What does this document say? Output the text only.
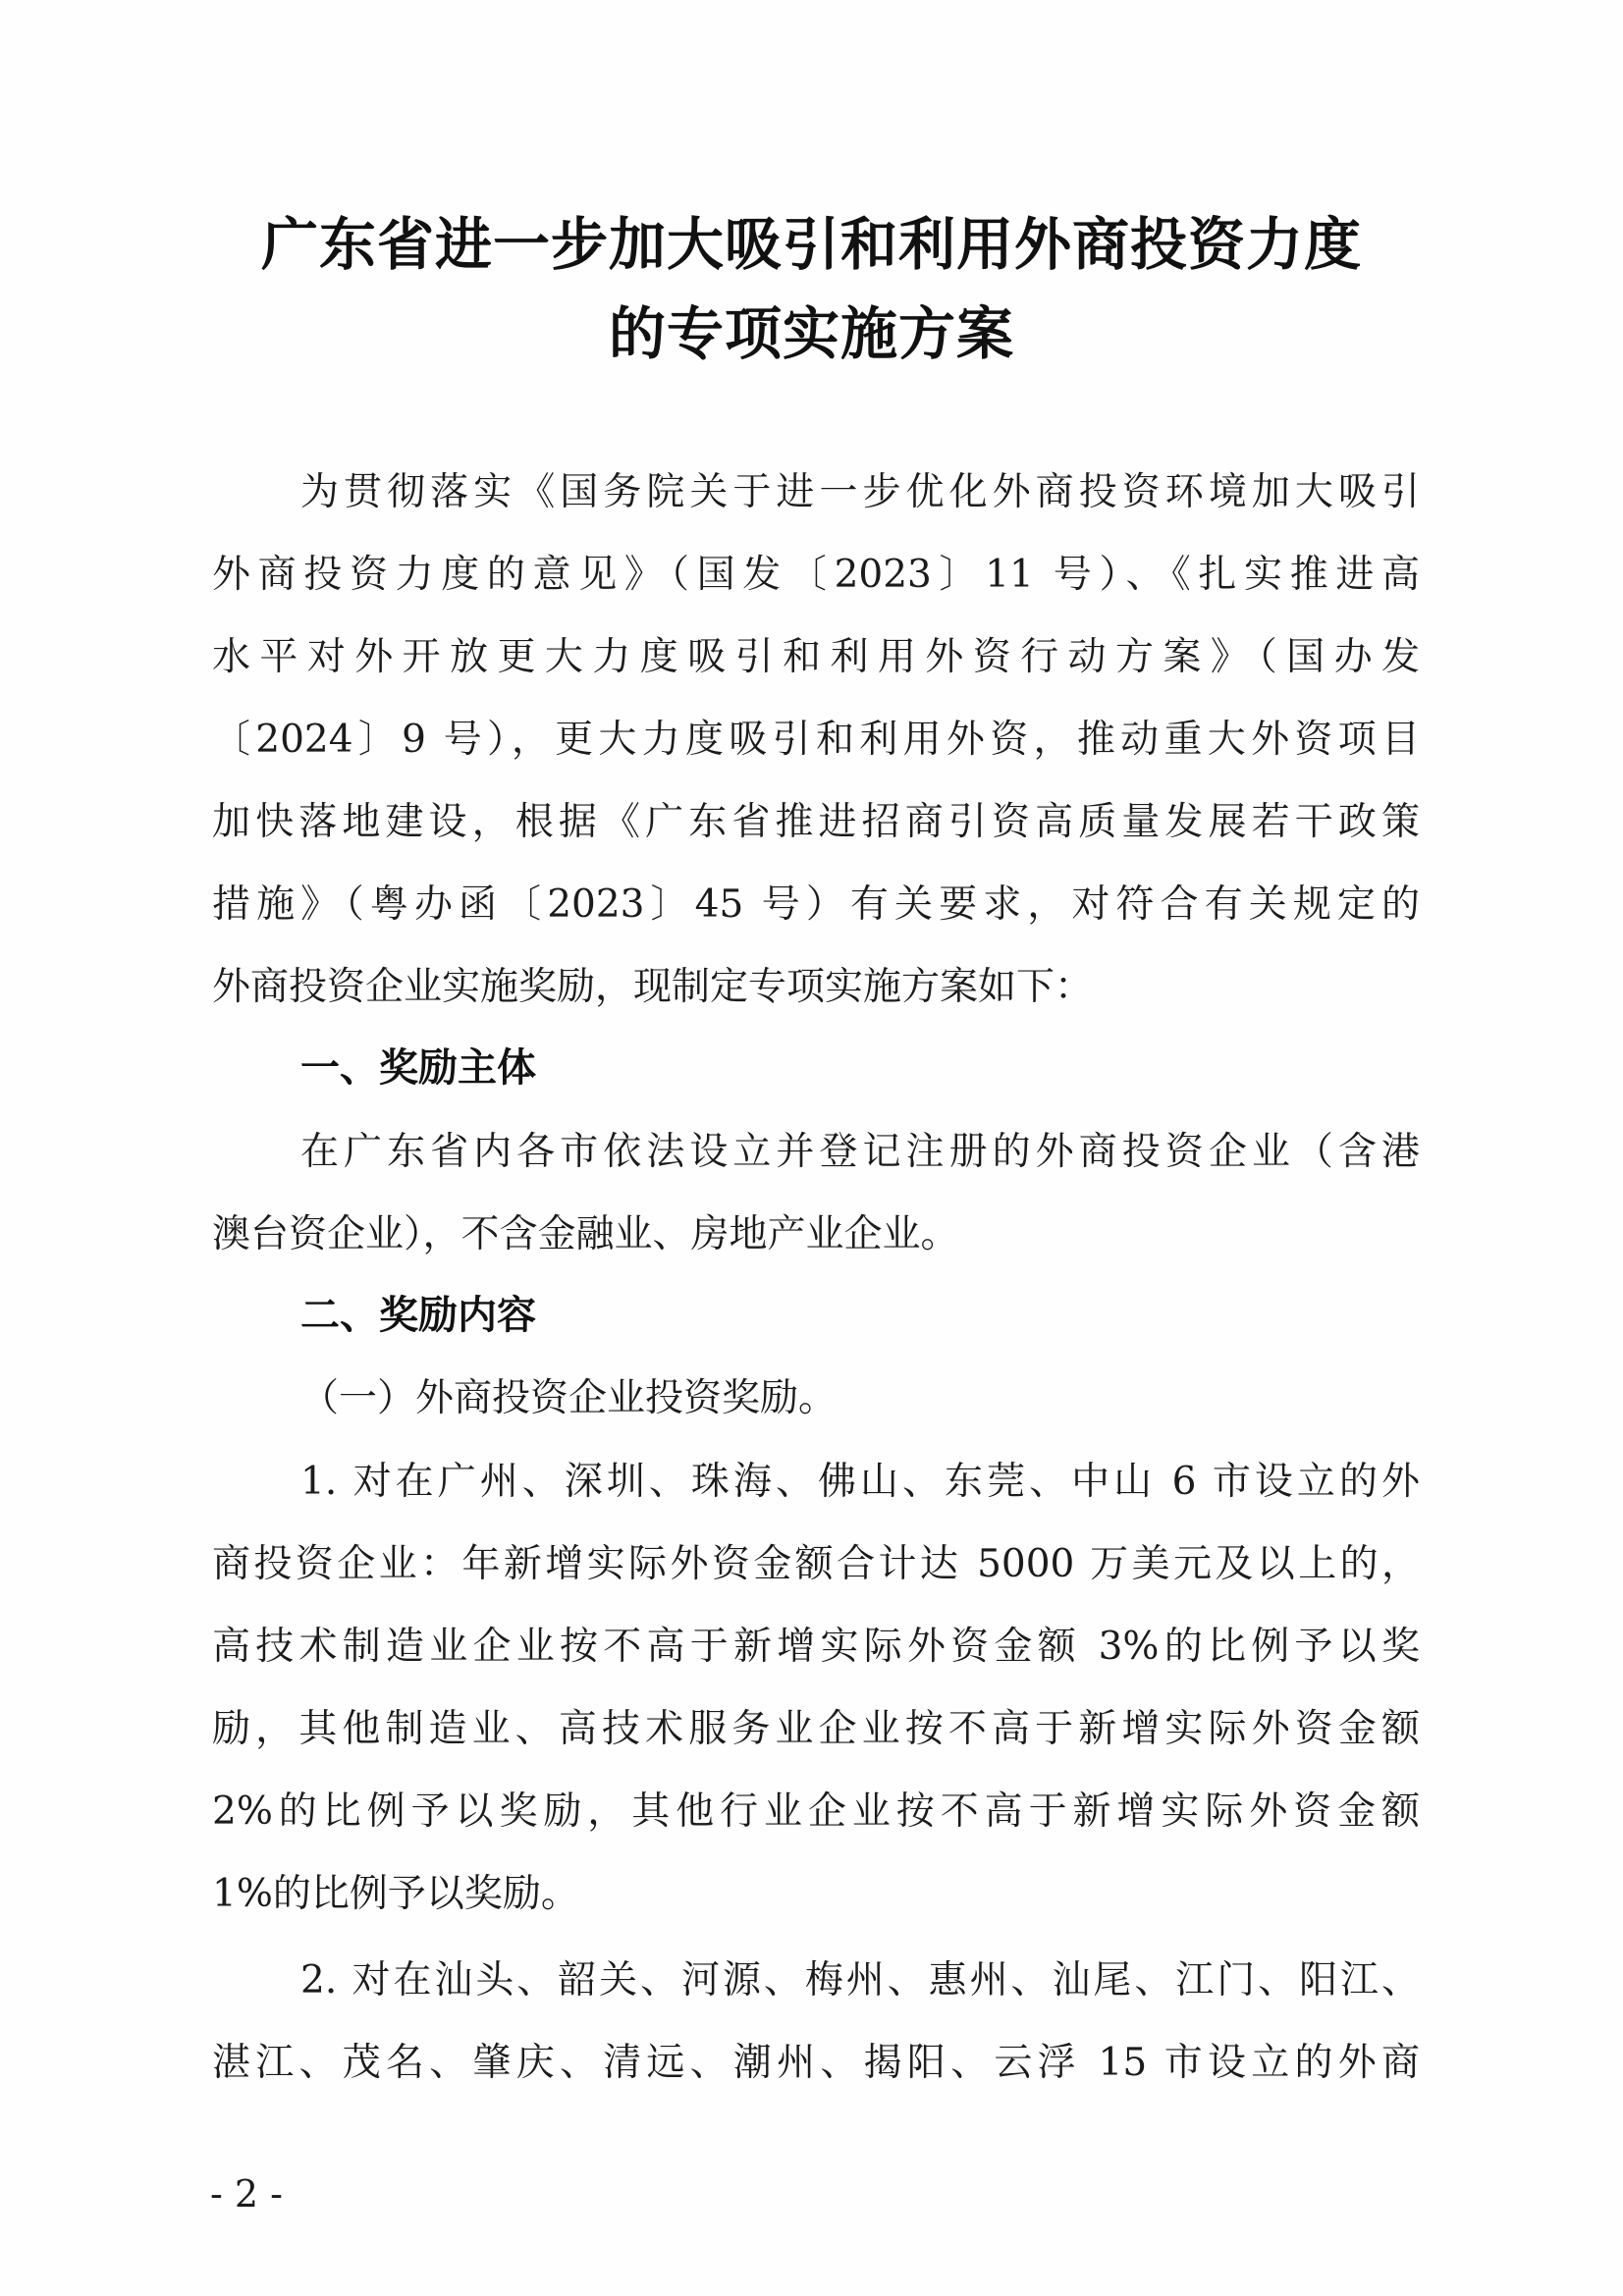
广东省进一步加大吸引和利用外商投资力度
的专项实施方案
为贯彻落实《国务院关于进一步优化外商投资环境加大吸引
外商投资力度的意见》（国发〔2023〕11 号）、《扎实推进高
水平对外开放更大力度吸引和利用外资行动方案》（国办发
〔2024〕9 号），更大力度吸引和利用外资，推动重大外资项目
加快落地建设，根据《广东省推进招商引资高质量发展若干政策
措施》（粤办函〔2023〕45 号）有关要求，对符合有关规定的
外商投资企业实施奖励，现制定专项实施方案如下：
一、奖励主体
在广东省内各市依法设立并登记注册的外商投资企业（含港
澳台资企业），不含金融业、房地产业企业。
二、奖励内容
（一）外商投资企业投资奖励。
1. 对在广州、深圳、珠海、佛山、东莞、中山 6 市设立的外
商投资企业：年新增实际外资金额合计达 5000 万美元及以上的，
高技术制造业企业按不高于新增实际外资金额 3%的比例予以奖
励，其他制造业、高技术服务业企业按不高于新增实际外资金额
2%的比例予以奖励，其他行业企业按不高于新增实际外资金额
1%的比例予以奖励。
2. 对在汕头、韶关、河源、梅州、惠州、汕尾、江门、阳江、
湛江、茂名、肇庆、清远、潮州、揭阳、云浮 15 市设立的外商
- 2 -
